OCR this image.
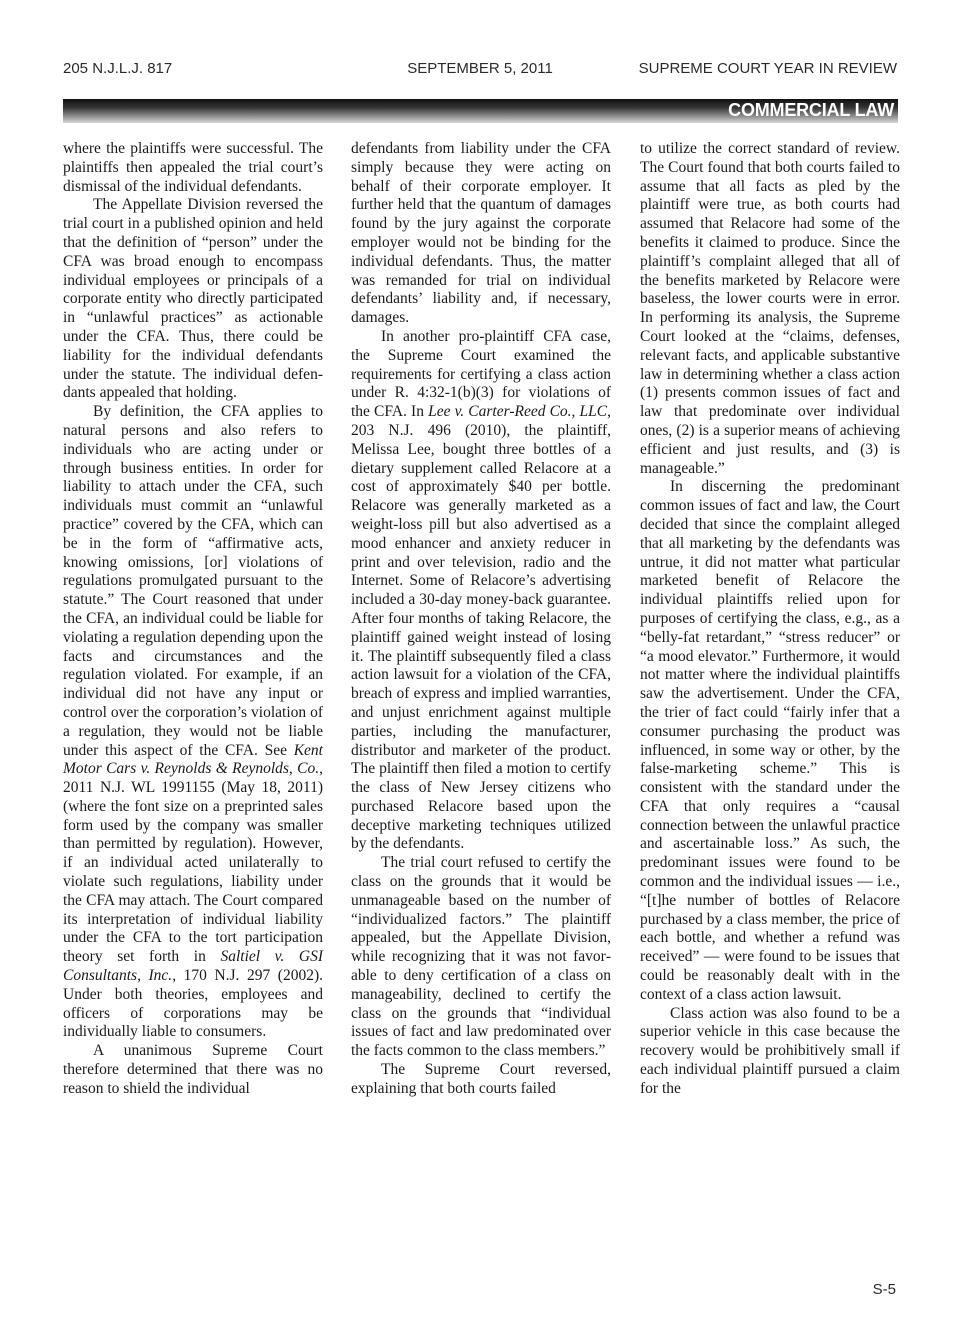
205 N.J.L.J. 817	SEPTEMBER 5, 2011	SUPREME COURT YEAR IN REVIEW
COMMERCIAL LAW

where the plaintiffs were successful. The plaintiffs then appealed the trial court’s dismissal of the individual defendants.

The Appellate Division reversed the trial court in a published opinion and held that the definition of “person” under the CFA was broad enough to encompass individual employees or principals of a corporate entity who directly participated in “unlawful practices” as actionable under the CFA. Thus, there could be liability for the individual defendants under the statute. The individual defendants appealed that holding.

By definition, the CFA applies to natural persons and also refers to individuals who are acting under or through business entities. In order for liability to attach under the CFA, such individuals must commit an “unlawful practice” covered by the CFA, which can be in the form of “affirmative acts, knowing omissions, [or] violations of regulations promulgated pursuant to the statute.” The Court reasoned that under the CFA, an individual could be liable for violating a regulation depending upon the facts and circumstances and the regulation violated. For example, if an individual did not have any input or control over the corporation’s violation of a regulation, they would not be liable under this aspect of the CFA. See Kent Motor Cars v. Reynolds & Reynolds, Co., 2011 N.J. WL 1991155 (May 18, 2011) (where the font size on a preprinted sales form used by the company was smaller than permitted by regulation). However, if an individual acted unilaterally to violate such regulations, liability under the CFA may attach. The Court compared its interpretation of individual liability under the CFA to the tort participation theory set forth in Saltiel v. GSI Consultants, Inc., 170 N.J. 297 (2002). Under both theories, employees and officers of corporations may be individually liable to consumers.

A unanimous Supreme Court therefore determined that there was no reason to shield the individual

defendants from liability under the CFA simply because they were acting on behalf of their corporate employer. It further held that the quantum of damages found by the jury against the corporate employer would not be binding for the individual defendants. Thus, the matter was remanded for trial on individual defendants’ liability and, if necessary, damages.

In another pro-plaintiff CFA case, the Supreme Court examined the requirements for certifying a class action under R. 4:32-1(b)(3) for violations of the CFA. In Lee v. Carter-Reed Co., LLC, 203 N.J. 496 (2010), the plaintiff, Melissa Lee, bought three bottles of a dietary supplement called Relacore at a cost of approximately $40 per bottle. Relacore was generally marketed as a weight-loss pill but also advertised as a mood enhancer and anxiety reducer in print and over television, radio and the Internet. Some of Relacore’s advertising included a 30-day money-back guarantee. After four months of taking Relacore, the plaintiff gained weight instead of losing it. The plaintiff subsequently filed a class action lawsuit for a violation of the CFA, breach of express and implied warranties, and unjust enrichment against multiple parties, including the manufacturer, distributor and marketer of the product. The plaintiff then filed a motion to certify the class of New Jersey citizens who purchased Relacore based upon the deceptive marketing techniques utilized by the defendants.

The trial court refused to certify the class on the grounds that it would be unmanageable based on the number of “individualized factors.” The plaintiff appealed, but the Appellate Division, while recognizing that it was not favorable to deny certification of a class on manageability, declined to certify the class on the grounds that “individual issues of fact and law predominated over the facts common to the class members.”

The Supreme Court reversed, explaining that both courts failed

to utilize the correct standard of review. The Court found that both courts failed to assume that all facts as pled by the plaintiff were true, as both courts had assumed that Relacore had some of the benefits it claimed to produce. Since the plaintiff’s complaint alleged that all of the benefits marketed by Relacore were baseless, the lower courts were in error. In performing its analysis, the Supreme Court looked at the “claims, defenses, relevant facts, and applicable substantive law in determining whether a class action (1) presents common issues of fact and law that predominate over individual ones, (2) is a superior means of achieving efficient and just results, and (3) is manageable.”

In discerning the predominant common issues of fact and law, the Court decided that since the complaint alleged that all marketing by the defendants was untrue, it did not matter what particular marketed benefit of Relacore the individual plaintiffs relied upon for purposes of certifying the class, e.g., as a “belly-fat retardant,” “stress reducer” or “a mood elevator.” Furthermore, it would not matter where the individual plaintiffs saw the advertisement. Under the CFA, the trier of fact could “fairly infer that a consumer purchasing the product was influenced, in some way or other, by the false-marketing scheme.” This is consistent with the standard under the CFA that only requires a “causal connection between the unlawful practice and ascertainable loss.” As such, the predominant issues were found to be common and the individual issues — i.e., “[t]he number of bottles of Relacore purchased by a class member, the price of each bottle, and whether a refund was received” — were found to be issues that could be reasonably dealt with in the context of a class action lawsuit.

Class action was also found to be a superior vehicle in this case because the recovery would be prohibitively small if each individual plaintiff pursued a claim for the

S-5
